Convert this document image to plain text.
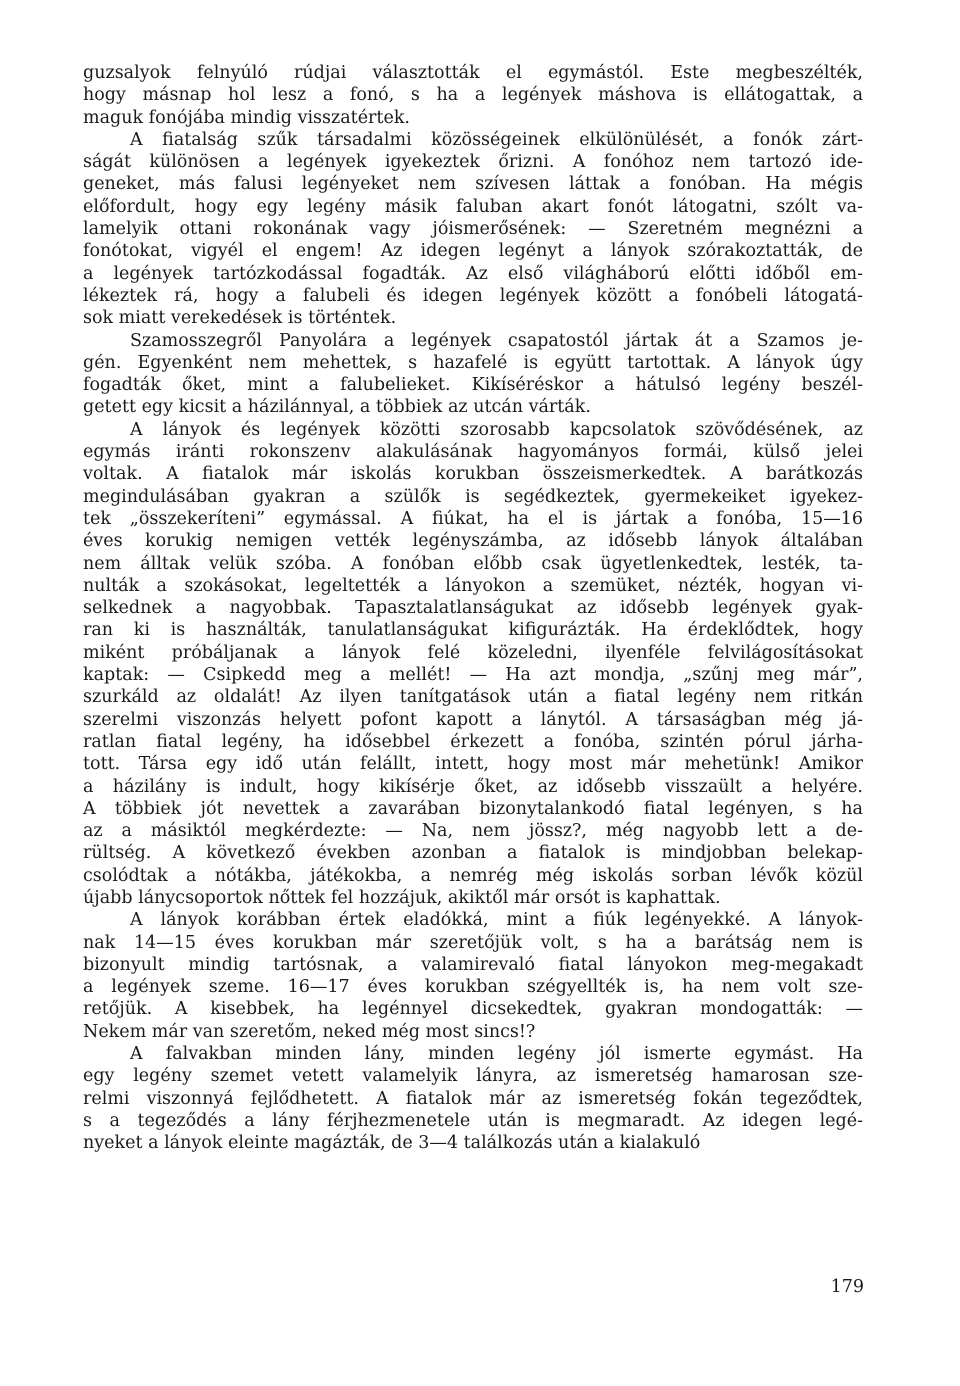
guzsalyok felnyúló rúdjai választották el egymástól. Este megbeszélték,
hogy másnap hol lesz a fonó, s ha a legények máshova is ellátogattak, a
maguk fonójába mindig visszatértek.
A fiatalság szűk társadalmi közösségeinek elkülönülését, a fonók zárt-
ságát különösen a legények igyekeztek őrizni. A fonóhoz nem tartozó ide-
geneket, más falusi legényeket nem szívesen láttak a fonóban. Ha mégis
előfordult, hogy egy legény másik faluban akart fonót látogatni, szólt va-
lamelyik ottani rokonának vagy jóismerősének: — Szeretném megnézni a
fonótokat, vigyél el engem! Az idegen legényt a lányok szórakoztatták, de
a legények tartózkodással fogadták. Az első világháború előtti időből em-
lékeztek rá, hogy a falubeli és idegen legények között a fonóbeli látogatá-
sok miatt verekedések is történtek.
Szamosszegről Panyolára a legények csapatostól jártak át a Szamos je-
gén. Egyenként nem mehettek, s hazafelé is együtt tartottak. A lányok úgy
fogadták őket, mint a falubelieket. Kikíséréskor a hátulsó legény beszél-
getett egy kicsit a házilánnyal, a többiek az utcán várták.
A lányok és legények közötti szorosabb kapcsolatok szövődésének, az
egymás iránti rokonszenv alakulásának hagyományos formái, külső jelei
voltak. A fiatalok már iskolás korukban összeismerkedtek. A barátkozás
megindulásában gyakran a szülők is segédkeztek, gyermekeiket igyekez-
tek „összekeríteni” egymással. A fiúkat, ha el is jártak a fonóba, 15—16
éves korukig nemigen vették legényszámba, az idősebb lányok általában
nem álltak velük szóba. A fonóban előbb csak ügyetlenkedtek, lesték, ta-
nulták a szokásokat, legeltették a lányokon a szemüket, nézték, hogyan vi-
selkednek a nagyobbak. Tapasztalatlanságukat az idősebb legények gyak-
ran ki is használták, tanulatlanságukat kifigurázták. Ha érdeklődtek, hogy
miként próbáljanak a lányok felé közeledni, ilyenféle felvilágosításokat
kaptak: — Csipkedd meg a mellét! — Ha azt mondja, „szűnj meg már”,
szurkáld az oldalát! Az ilyen tanítgatások után a fiatal legény nem ritkán
szerelmi viszonzás helyett pofont kapott a lánytól. A társaságban még já-
ratlan fiatal legény, ha idősebbel érkezett a fonóba, szintén pórul járha-
tott. Társa egy idő után felállt, intett, hogy most már mehetünk! Amikor
a házilány is indult, hogy kikísérje őket, az idősebb visszaült a helyére.
A többiek jót nevettek a zavarában bizonytalankodó fiatal legényen, s ha
az a másiktól megkérdezte: — Na, nem jössz?, még nagyobb lett a de-
rültség. A következő években azonban a fiatalok is mindjobban belekap-
csolódtak a nótákba, játékokba, a nemrég még iskolás sorban lévők közül
újabb lánycsoportok nőttek fel hozzájuk, akiktől már orsót is kaphattak.
A lányok korábban értek eladókká, mint a fiúk legényekké. A lányok-
nak 14—15 éves korukban már szeretőjük volt, s ha a barátság nem is
bizonyult mindig tartósnak, a valamirevaló fiatal lányokon meg-megakadt
a legények szeme. 16—17 éves korukban szégyellték is, ha nem volt sze-
retőjük. A kisebbek, ha legénnyel dicsekedtek, gyakran mondogatták: —
Nekem már van szeretőm, neked még most sincs!?
A falvakban minden lány, minden legény jól ismerte egymást. Ha
egy legény szemet vetett valamelyik lányra, az ismeretség hamarosan sze-
relmi viszonnyá fejlődhetett. A fiatalok már az ismeretség fokán tegeződtek,
s a tegeződés a lány férjhezmenetele után is megmaradt. Az idegen legé-
nyeket a lányok eleinte magázták, de 3—4 találkozás után a kialakuló
179
